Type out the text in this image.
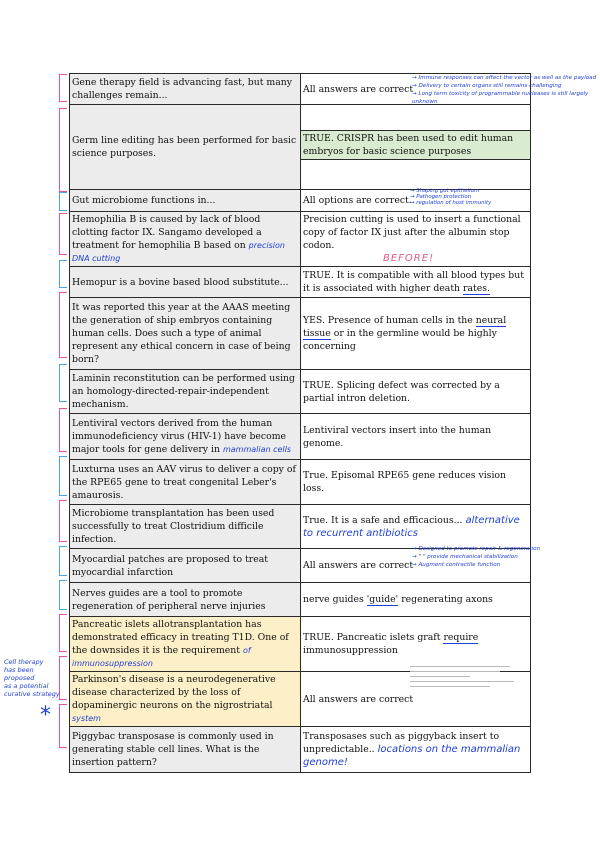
*
Cell therapy
has been proposed
as a potential
curative strategy
Gene therapy field is advancing fast, but many challenges remain...	All answers are correct
Germ line editing has been performed for basic science purposes.	
	TRUE. CRISPR has been used to edit human embryos for basic science purposes

Gut microbiome functions in...	All options are correct.
Hemophilia B is caused by lack of blood clotting factor IX. Sangamo developed a treatment for hemophilia B based on precision DNA cutting	Precision cutting is used to insert a functional copy of factor IX just after the albumin stop codon.
BEFORE!
Hemopur is a bovine based blood substitute...	TRUE. It is compatible with all blood types but it is associated with higher death rates.
It was reported this year at the AAAS meeting the generation of ship embryos containing human cells. Does such a type of animal represent any ethical concern in case of being born?	YES. Presence of human cells in the neural tissue or in the germline would be highly concerning
Laminin reconstitution can be performed using an homology-directed-repair-independent mechanism.	TRUE. Splicing defect was corrected by a partial intron deletion.
Lentiviral vectors derived from the human immunodeficiency virus (HIV-1) have become major tools for gene delivery in mammalian cells	Lentiviral vectors insert into the human genome.
Luxturna uses an AAV virus to deliver a copy of the RPE65 gene to treat congenital Leber's amaurosis.	True. Episomal RPE65 gene reduces vision loss.
Microbiome transplantation has been used successfully to treat Clostridium difficile infection.	True. It is a safe and efficacious... alternative to recurrent antibiotics
Myocardial patches are proposed to treat myocardial infarction	All answers are correct
Nerves guides are a tool to promote regeneration of peripheral nerve injuries	nerve guides 'guide' regenerating axons
Pancreatic islets allotransplantation has demonstrated efficacy in treating T1D. One of the downsides it is the requirement of immunosuppression	TRUE. Pancreatic islets graft require immunosuppression
Parkinson's disease is a neurodegenerative disease characterized by the loss of dopaminergic neurons on the nigrostriatal system	All answers are correct
Piggybac transposase is commonly used in generating stable cell lines. What is the insertion pattern?	Transposases such as piggyback insert to unpredictable.. locations on the mammalian genome!
→ Immune responses can affect the vector as well as the payload
→ Delivery to certain organs still remains challenging
→ Long term toxicity of programmable nucleases is still largely unknown
→ Shaping gut epithelium
→ Pathogen protection
→ regulation of host immunity
→ Designed to promote repair & regeneration
→ " " provide mechanical stabilization
→ Augment contractile function
